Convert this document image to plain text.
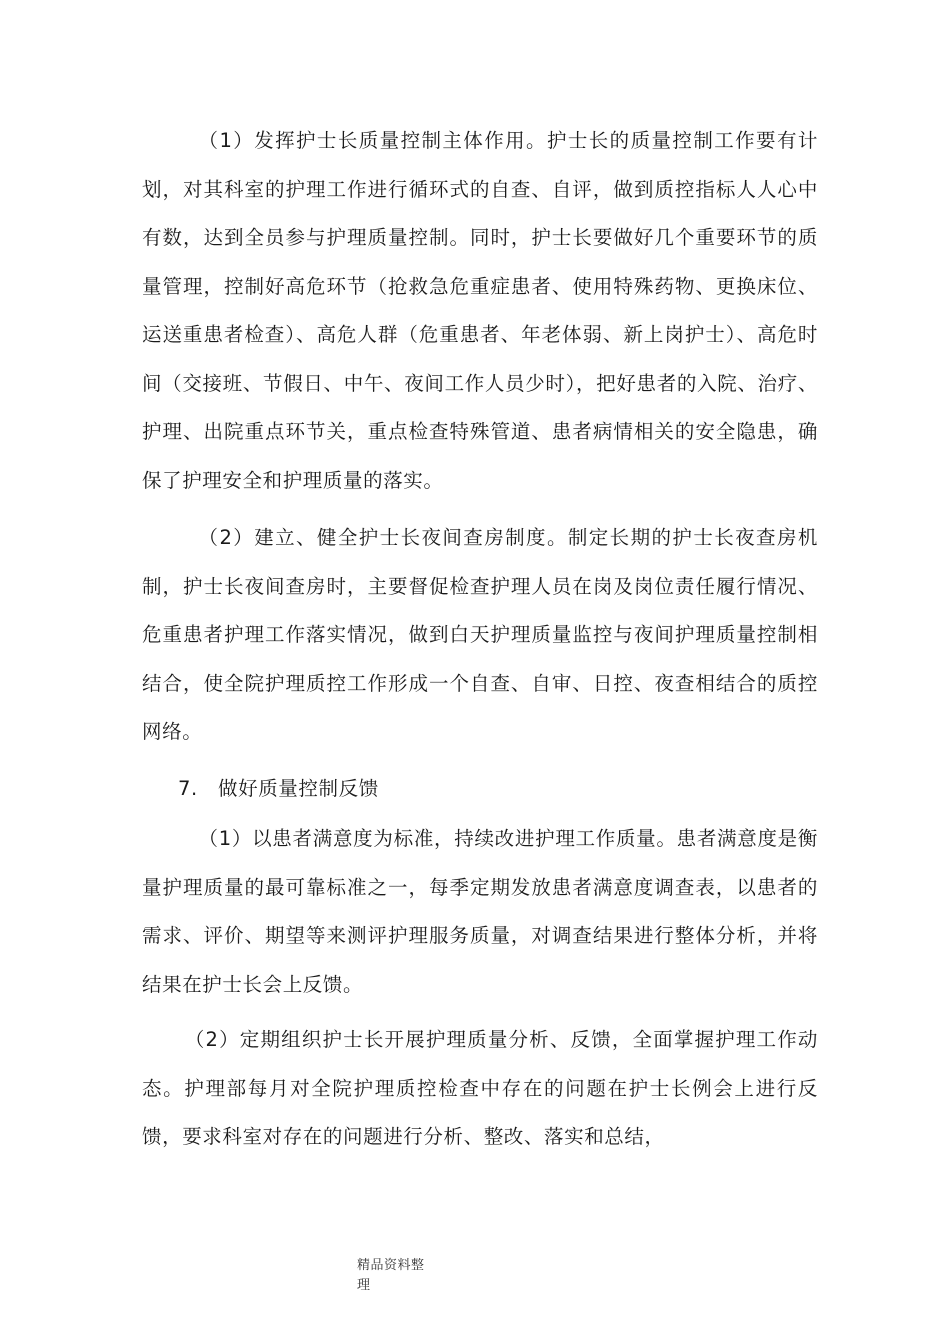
（1）发挥护士长质量控制主体作用。护士长的质量控制工作要有计划，对其科室的护理工作进行循环式的自查、自评，做到质控指标人人心中有数，达到全员参与护理质量控制。同时，护士长要做好几个重要环节的质量管理，控制好高危环节（抢救急危重症患者、使用特殊药物、更换床位、运送重患者检查）、高危人群（危重患者、年老体弱、新上岗护士）、高危时间（交接班、节假日、中午、夜间工作人员少时），把好患者的入院、治疗、护理、出院重点环节关，重点检查特殊管道、患者病情相关的安全隐患，确保了护理安全和护理质量的落实。

（2）建立、健全护士长夜间查房制度。制定长期的护士长夜查房机制，护士长夜间查房时，主要督促检查护理人员在岗及岗位责任履行情况、危重患者护理工作落实情况，做到白天护理质量监控与夜间护理质量控制相结合，使全院护理质控工作形成一个自查、自审、日控、夜查相结合的质控网络。

7. 做好质量控制反馈

（1）以患者满意度为标准，持续改进护理工作质量。患者满意度是衡量护理质量的最可靠标准之一，每季定期发放患者满意度调查表，以患者的需求、评价、期望等来测评护理服务质量，对调查结果进行整体分析，并将结果在护士长会上反馈。

（2）定期组织护士长开展护理质量分析、反馈，全面掌握护理工作动态。护理部每月对全院护理质控检查中存在的问题在护士长例会上进行反馈，要求科室对存在的问题进行分析、整改、落实和总结，

精品资料整理
